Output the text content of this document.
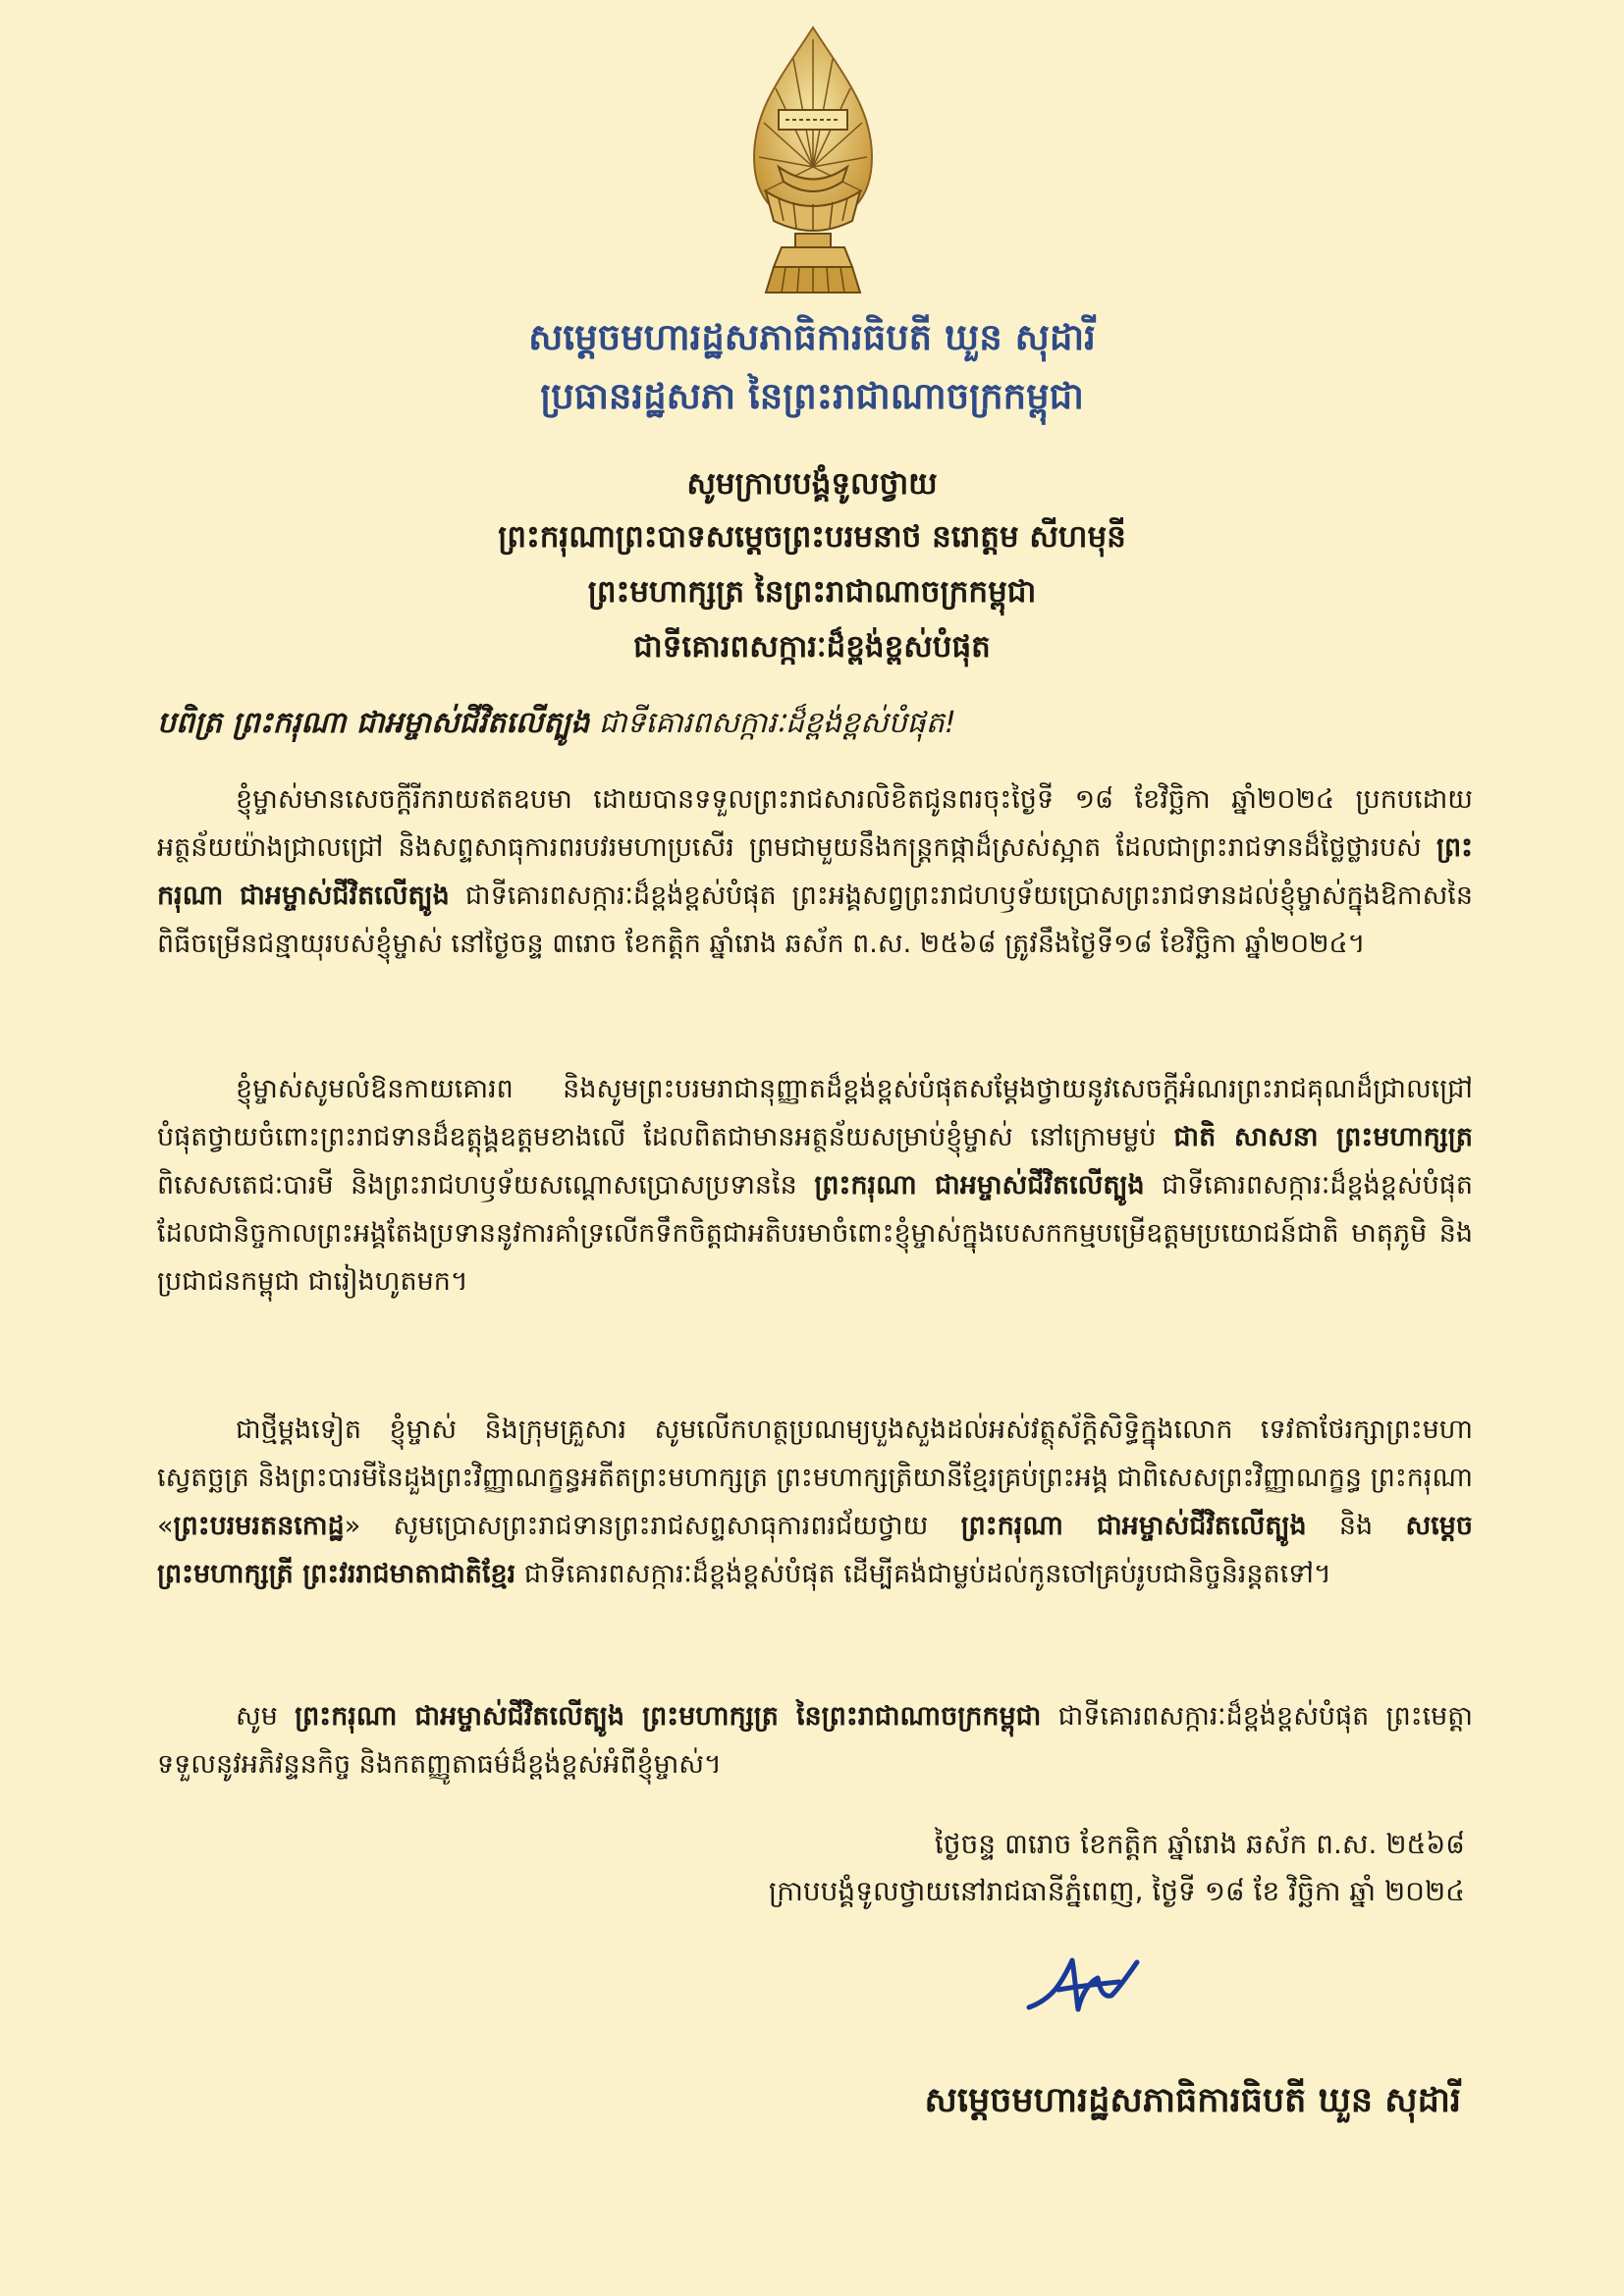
សម្តេចមហារដ្ឋសភាធិការធិបតី ឃួន សុដារី
ប្រធានរដ្ឋសភា នៃព្រះរាជាណាចក្រកម្ពុជា
សូមក្រាបបង្គំទូលថ្វាយ
ព្រះករុណាព្រះបាទសម្តេចព្រះបរមនាថ នរោត្តម សីហមុនី
ព្រះមហាក្សត្រ នៃព្រះរាជាណាចក្រកម្ពុជា
ជាទីគោរពសក្ការៈដ៏ខ្ពង់ខ្ពស់បំផុត
បពិត្រ ព្រះករុណា ជាអម្ចាស់ជីវិតលើត្បូង ជាទីគោរពសក្ការៈដ៏ខ្ពង់ខ្ពស់បំផុត!

ខ្ញុំម្ចាស់មានសេចក្តីរីករាយឥតឧបមា ដោយបានទទួលព្រះរាជសារលិខិតជូនពរចុះថ្ងៃទី ១៨ ខែវិច្ឆិកា ឆ្នាំ២០២៤ ប្រកបដោយអត្ថន័យយ៉ាងជ្រាលជ្រៅ និងសព្ទសាធុការពរបវរមហាប្រសើរ ព្រមជាមួយនឹងកន្ត្រកផ្កាដ៏ស្រស់ស្អាត ដែលជាព្រះរាជទានដ៏ថ្លៃថ្លារបស់ ព្រះករុណា ជាអម្ចាស់ជីវិតលើត្បូង ជាទីគោរពសក្ការៈដ៏ខ្ពង់ខ្ពស់បំផុត ព្រះអង្គសព្វព្រះរាជហឫទ័យប្រោសព្រះរាជទានដល់ខ្ញុំម្ចាស់ក្នុងឱកាសនៃពិធីចម្រើនជន្មាយុរបស់ខ្ញុំម្ចាស់ នៅថ្ងៃចន្ទ ៣រោច ខែកត្តិក ឆ្នាំរោង ឆស័ក ព.ស. ២៥៦៨ ត្រូវនឹងថ្ងៃទី១៨ ខែវិច្ឆិកា ឆ្នាំ២០២៤។

ខ្ញុំម្ចាស់សូមលំឱនកាយគោរព និងសូមព្រះបរមរាជានុញ្ញាតដ៏ខ្ពង់ខ្ពស់បំផុតសម្តែងថ្វាយនូវសេចក្តីអំណរព្រះរាជគុណដ៏ជ្រាលជ្រៅបំផុតថ្វាយចំពោះព្រះរាជទានដ៏ឧត្តុង្គឧត្តមខាងលើ ដែលពិតជាមានអត្ថន័យសម្រាប់ខ្ញុំម្ចាស់ នៅក្រោមម្លប់ ជាតិ សាសនា ព្រះមហាក្សត្រ ពិសេសតេជៈបារមី និងព្រះរាជហឫទ័យសណ្តោសប្រោសប្រទាននៃ ព្រះករុណា ជាអម្ចាស់ជីវិតលើត្បូង ជាទីគោរពសក្ការៈដ៏ខ្ពង់ខ្ពស់បំផុតដែលជានិច្ចកាលព្រះអង្គតែងប្រទាននូវការគាំទ្រលើកទឹកចិត្តជាអតិបរមាចំពោះខ្ញុំម្ចាស់ក្នុងបេសកកម្មបម្រើឧត្តមប្រយោជន៍ជាតិ មាតុភូមិ និងប្រជាជនកម្ពុជា ជារៀងហូតមក។

ជាថ្មីម្តងទៀត ខ្ញុំម្ចាស់ និងក្រុមគ្រួសារ សូមលើកហត្ថប្រណម្យបួងសួងដល់អស់វត្ថុស័ក្តិសិទ្ធិក្នុងលោក ទេវតាថែរក្សាព្រះមហាស្វេតច្ឆត្រ និងព្រះបារមីនៃដួងព្រះវិញ្ញាណក្ខន្ធអតីតព្រះមហាក្សត្រ ព្រះមហាក្សត្រិយានីខ្មែរគ្រប់ព្រះអង្គ ជាពិសេសព្រះវិញ្ញាណក្ខន្ធ ព្រះករុណា «ព្រះបរមរតនកោដ្ឋ» សូមប្រោសព្រះរាជទានព្រះរាជសព្ទសាធុការពរជ័យថ្វាយ ព្រះករុណា ជាអម្ចាស់ជីវិតលើត្បូង និង សម្តេចព្រះមហាក្សត្រី ព្រះវររាជមាតាជាតិខ្មែរ ជាទីគោរពសក្ការៈដ៏ខ្ពង់ខ្ពស់បំផុត ដើម្បីគង់ជាម្លប់ដល់កូនចៅគ្រប់រូបជានិច្ចនិរន្តតទៅ។

សូម ព្រះករុណា ជាអម្ចាស់ជីវិតលើត្បូង ព្រះមហាក្សត្រ នៃព្រះរាជាណាចក្រកម្ពុជា ជាទីគោរពសក្ការៈដ៏ខ្ពង់ខ្ពស់បំផុត ព្រះមេត្តាទទួលនូវអភិវន្ទនកិច្ច និងកតញ្ញូតាធម៌ដ៏ខ្ពង់ខ្ពស់អំពីខ្ញុំម្ចាស់។

ថ្ងៃចន្ទ ៣រោច ខែកត្តិក ឆ្នាំរោង ឆស័ក ព.ស. ២៥៦៨
ក្រាបបង្គំទូលថ្វាយនៅរាជធានីភ្នំពេញ, ថ្ងៃទី ១៨ ខែ វិច្ឆិកា ឆ្នាំ ២០២៤
សម្តេចមហារដ្ឋសភាធិការធិបតី ឃួន សុដារី
